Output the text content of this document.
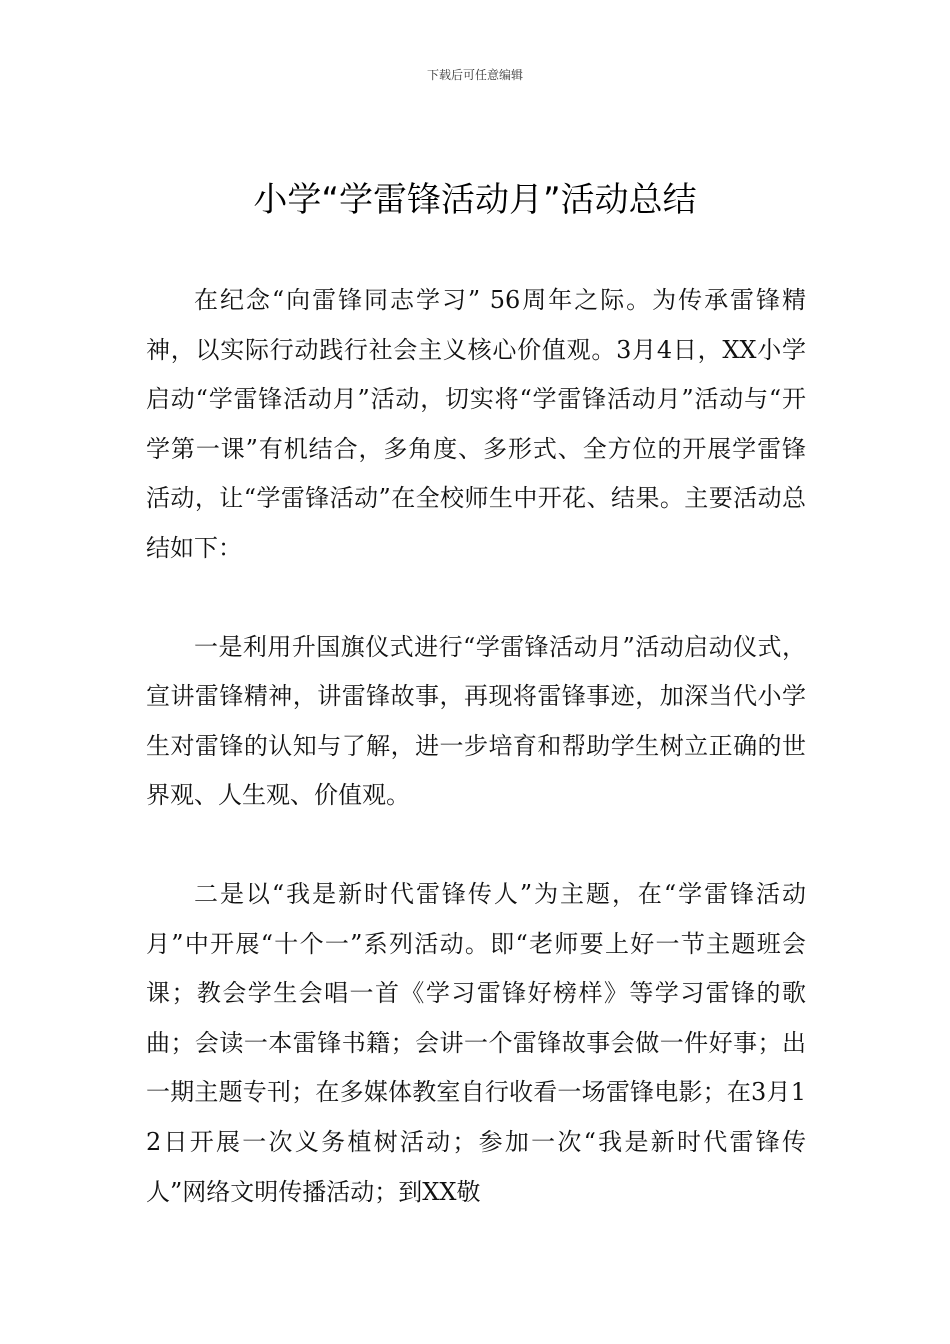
下载后可任意编辑
小学“学雷锋活动月”活动总结

在纪念“向雷锋同志学习” 56周年之际。为传承雷锋精神，以实际行动践行社会主义核心价值观。3月4日，XX小学启动“学雷锋活动月”活动，切实将“学雷锋活动月”活动与“开学第一课”有机结合，多角度、多形式、全方位的开展学雷锋活动，让“学雷锋活动”在全校师生中开花、结果。主要活动总结如下：

一是利用升国旗仪式进行“学雷锋活动月”活动启动仪式，宣讲雷锋精神，讲雷锋故事，再现将雷锋事迹，加深当代小学生对雷锋的认知与了解，进一步培育和帮助学生树立正确的世界观、人生观、价值观。

二是以“我是新时代雷锋传人”为主题，在“学雷锋活动月”中开展“十个一”系列活动。即“老师要上好一节主题班会课；教会学生会唱一首《学习雷锋好榜样》等学习雷锋的歌曲；会读一本雷锋书籍；会讲一个雷锋故事会做一件好事；出一期主题专刊；在多媒体教室自行收看一场雷锋电影；在3月12日开展一次义务植树活动；参加一次“我是新时代雷锋传人”网络文明传播活动；到XX敬
